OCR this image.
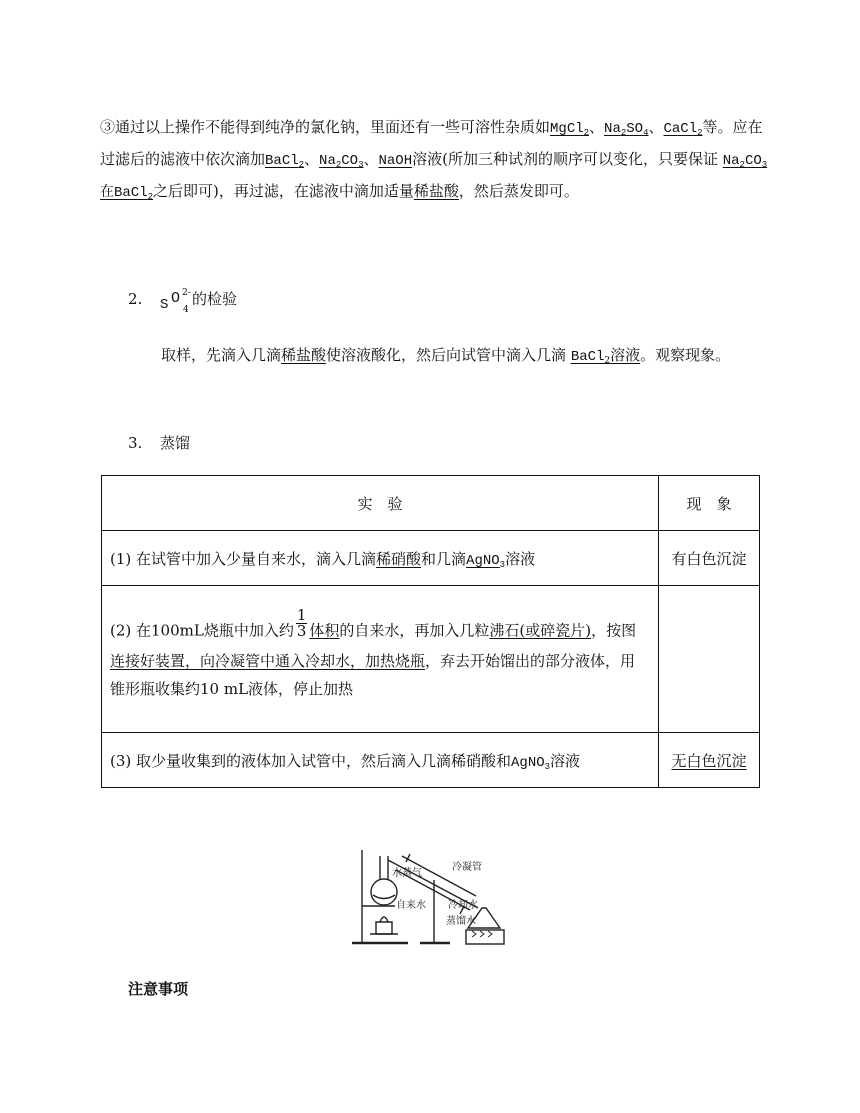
③通过以上操作不能得到纯净的氯化钠，里面还有一些可溶性杂质如MgCl$_2$、$Na_2SO_4$、CaCl$_2$等。应在过滤后的滤液中依次滴加BaCl$_2$、$Na_2CO_3$、NaOH溶液(所加三种试剂的顺序可以变化，只要保证 $Na_2CO_3$在BaCl$_2$之后即可)，再过滤，在滤液中滴加适量稀盐酸，然后蒸发即可。
2. S O 2-
4
的检验
取样，先滴入几滴稀盐酸使溶液酸化，然后向试管中滴入几滴 BaCl$_2$溶液。观察现象。
3. 蒸馏
实　验	现　象
(1) 在试管中加入少量自来水，滴入几滴稀硝酸和几滴AgNO$_3$溶液	有白色沉淀

(2) 在100mL烧瓶中加入约 $\frac{1}{3}$ 体积的自来水，再加入几粒沸石(或碎瓷片)，按图连接好装置，向冷凝管中通入冷却水，加热烧瓶，弃去开始馏出的部分液体，用锥形瓶收集约10 mL液体，停止加热	

(3) 取少量收集到的液体加入试管中，然后滴入几滴稀硝酸和AgNO$_3$溶液	无白色沉淀
水蒸气
冷凝管
自来水 冷却水
蒸馏水
注意事项
